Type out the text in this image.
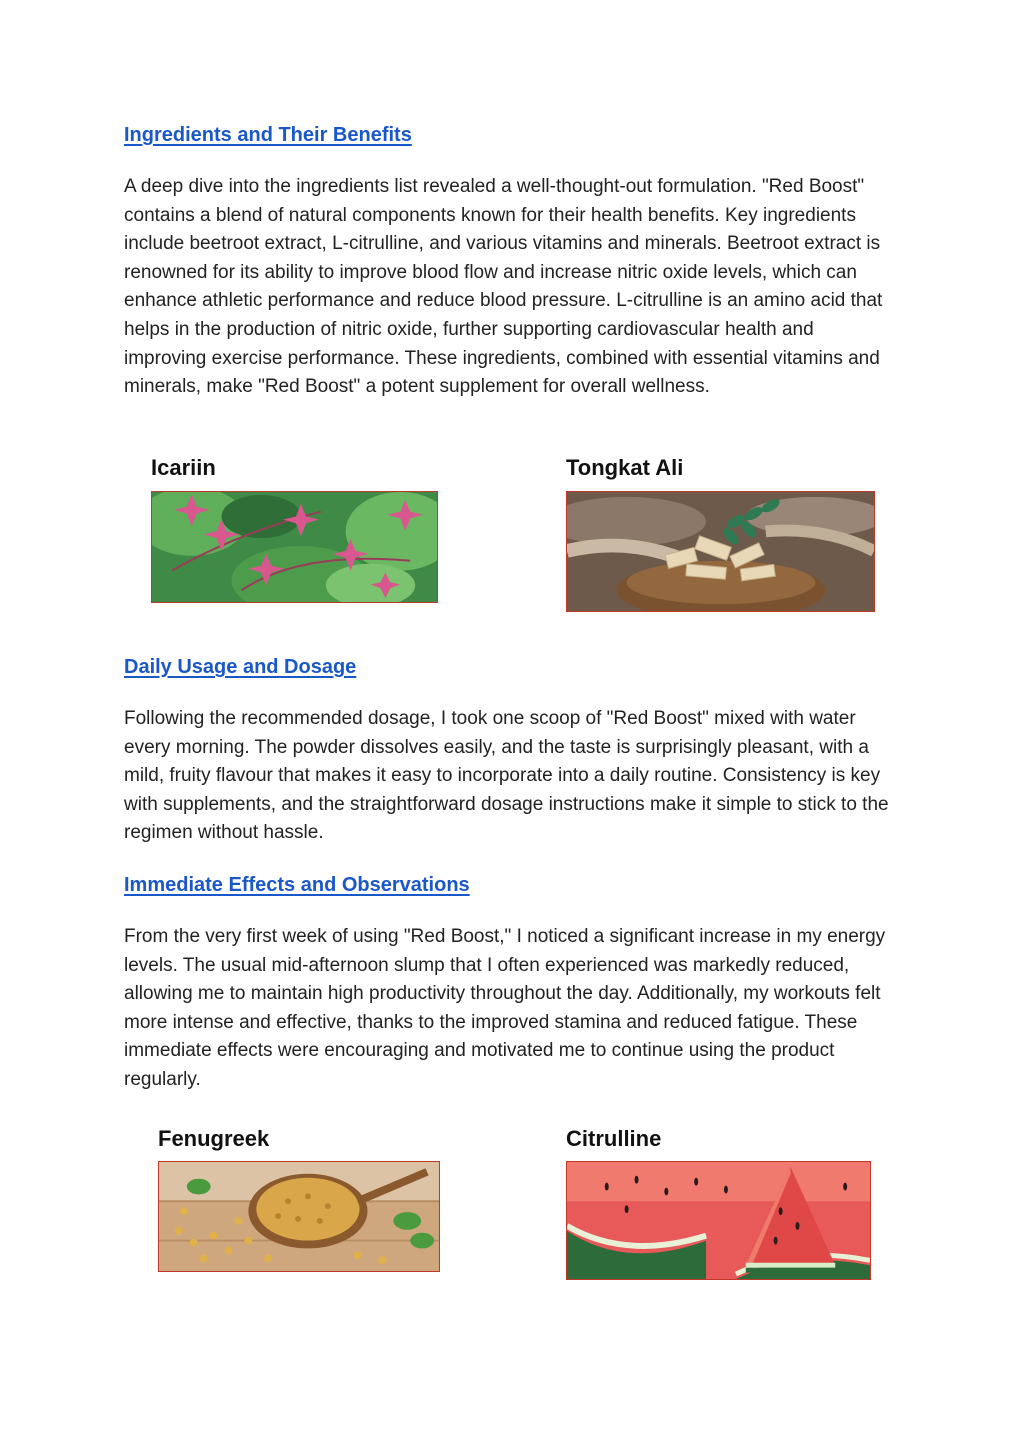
Ingredients and Their Benefits

A deep dive into the ingredients list revealed a well-thought-out formulation. "Red Boost" contains a blend of natural components known for their health benefits. Key ingredients include beetroot extract, L-citrulline, and various vitamins and minerals. Beetroot extract is renowned for its ability to improve blood flow and increase nitric oxide levels, which can enhance athletic performance and reduce blood pressure. L-citrulline is an amino acid that helps in the production of nitric oxide, further supporting cardiovascular health and improving exercise performance. These ingredients, combined with essential vitamins and minerals, make "Red Boost" a potent supplement for overall wellness.

Icariin	Tongkat Ali
Daily Usage and Dosage

Following the recommended dosage, I took one scoop of "Red Boost" mixed with water every morning. The powder dissolves easily, and the taste is surprisingly pleasant, with a mild, fruity flavour that makes it easy to incorporate into a daily routine. Consistency is key with supplements, and the straightforward dosage instructions make it simple to stick to the regimen without hassle.

Immediate Effects and Observations

From the very first week of using "Red Boost," I noticed a significant increase in my energy levels. The usual mid-afternoon slump that I often experienced was markedly reduced, allowing me to maintain high productivity throughout the day. Additionally, my workouts felt more intense and effective, thanks to the improved stamina and reduced fatigue. These immediate effects were encouraging and motivated me to continue using the product regularly.

Fenugreek	Citrulline
